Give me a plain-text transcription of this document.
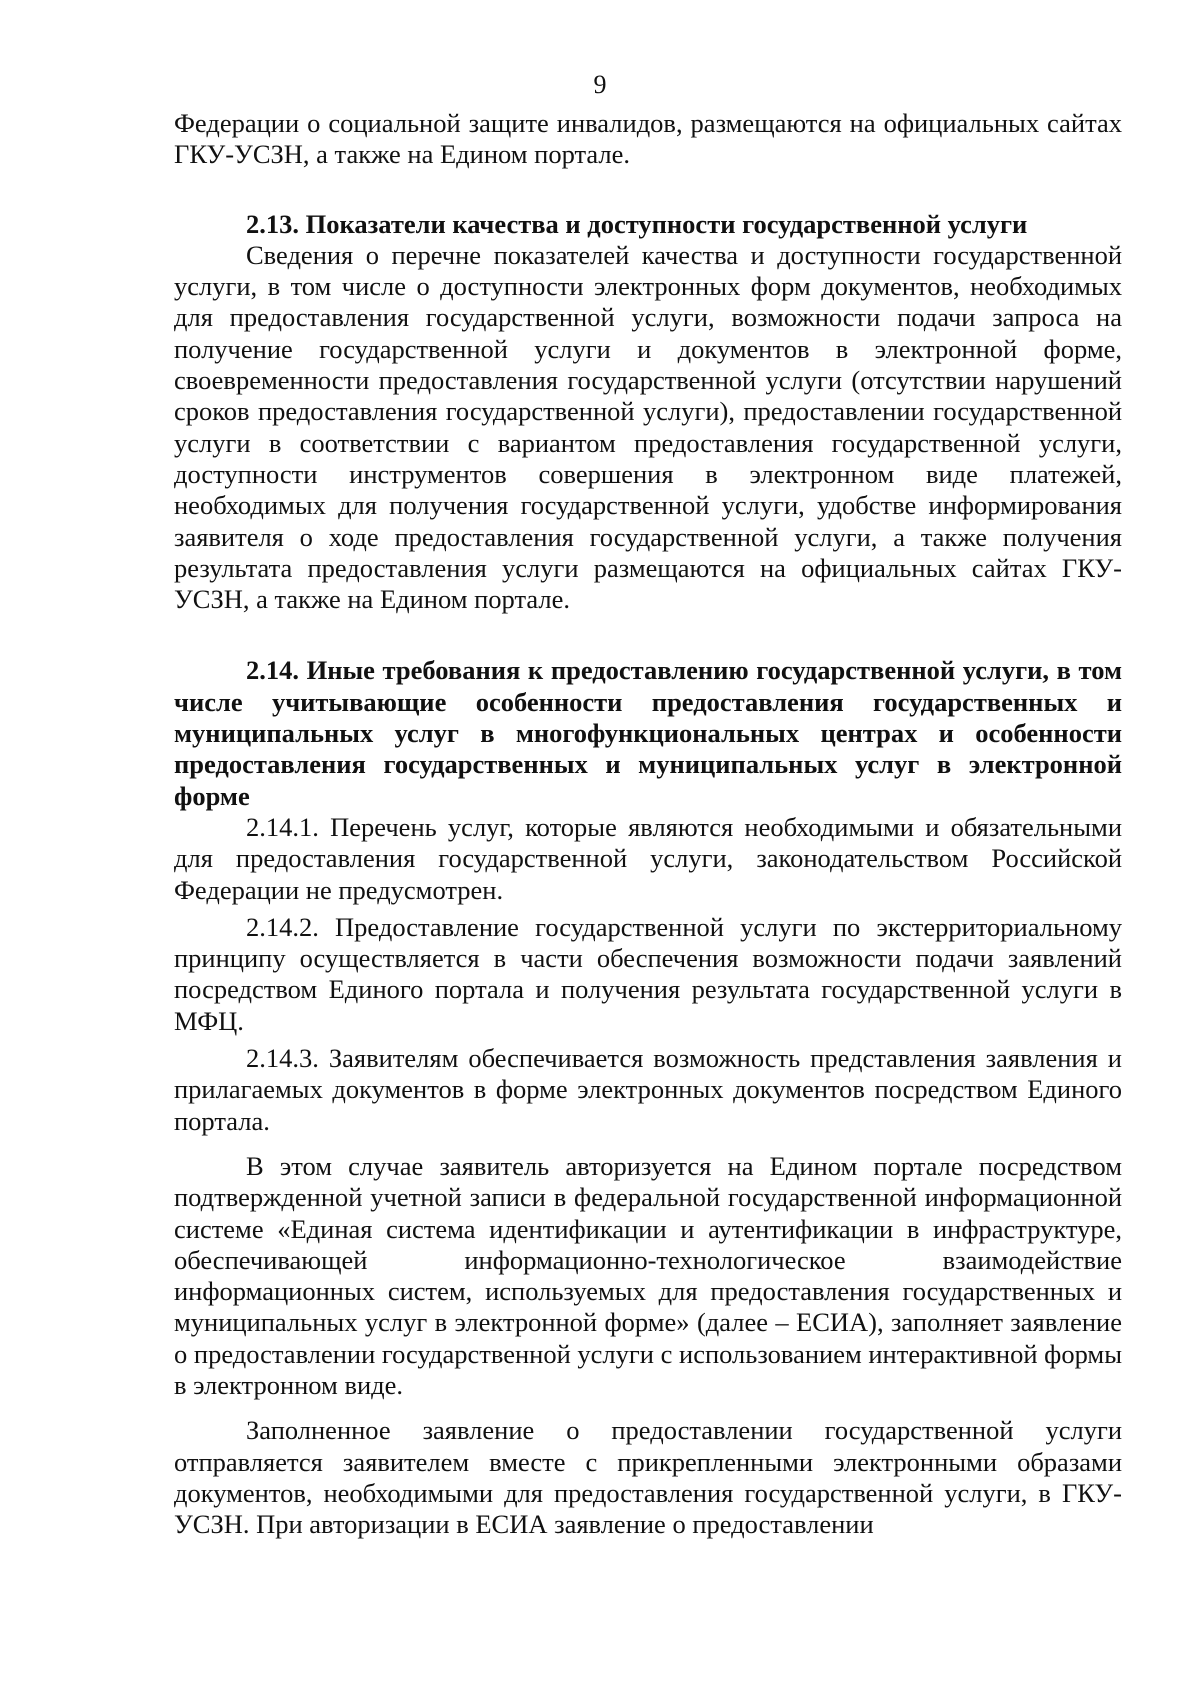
9

Федерации о социальной защите инвалидов, размещаются на официальных сайтах ГКУ-УСЗН, а также на Едином портале.

2.13. Показатели качества и доступности государственной услуги

Сведения о перечне показателей качества и доступности государственной услуги, в том числе о доступности электронных форм документов, необходимых для предоставления государственной услуги, возможности подачи запроса на получение государственной услуги и документов в электронной форме, своевременности предоставления государственной услуги (отсутствии нарушений сроков предоставления государственной услуги), предоставлении государственной услуги в соответствии с вариантом предоставления государственной услуги, доступности инструментов совершения в электронном виде платежей, необходимых для получения государственной услуги, удобстве информирования заявителя о ходе предоставления государственной услуги, а также получения результата предоставления услуги размещаются на официальных сайтах ГКУ-УСЗН, а также на Едином портале.

2.14. Иные требования к предоставлению государственной услуги, в том числе учитывающие особенности предоставления государственных и муниципальных услуг в многофункциональных центрах и особенности предоставления государственных и муниципальных услуг в электронной форме

2.14.1. Перечень услуг, которые являются необходимыми и обязательными для предоставления государственной услуги, законодательством Российской Федерации не предусмотрен.

2.14.2. Предоставление государственной услуги по экстерриториальному принципу осуществляется в части обеспечения возможности подачи заявлений посредством Единого портала и получения результата государственной услуги в МФЦ.

2.14.3. Заявителям обеспечивается возможность представления заявления и прилагаемых документов в форме электронных документов посредством Единого портала.

В этом случае заявитель авторизуется на Едином портале посредством подтвержденной учетной записи в федеральной государственной информационной системе «Единая система идентификации и аутентификации в инфраструктуре, обеспечивающей информационно-технологическое взаимодействие информационных систем, используемых для предоставления государственных и муниципальных услуг в электронной форме» (далее – ЕСИА), заполняет заявление о предоставлении государственной услуги с использованием интерактивной формы в электронном виде.

Заполненное заявление о предоставлении государственной услуги отправляется заявителем вместе с прикрепленными электронными образами документов, необходимыми для предоставления государственной услуги, в ГКУ-УСЗН. При авторизации в ЕСИА заявление о предоставлении
